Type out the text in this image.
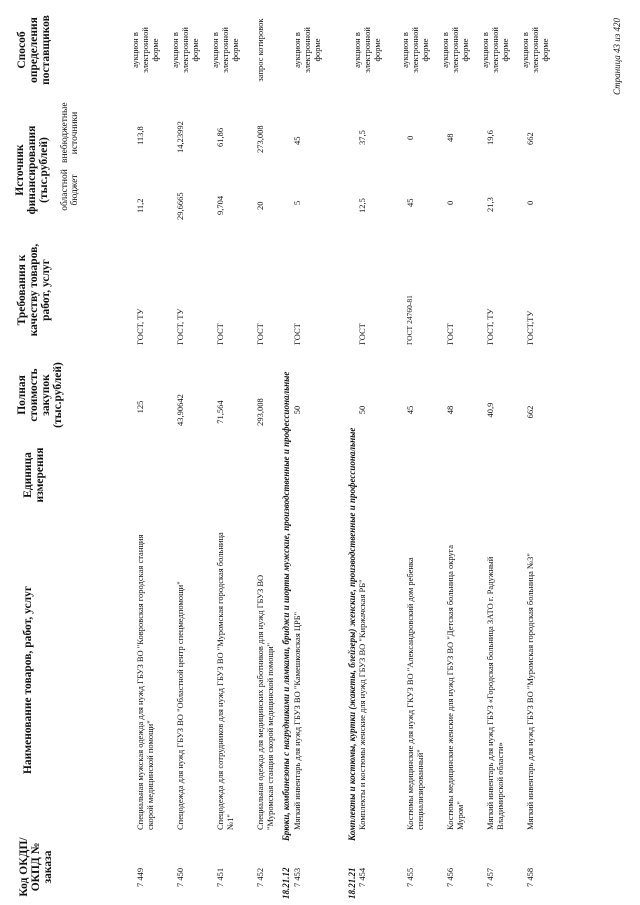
Код ОКДП/ ОКПД № заказа
Наименование товаров, работ, услуг
Единица измерения
Полная стоимость закупок (тыс.рублей)
Требования к качеству товаров, работ, услуг
Источник финансирования (тыс.рублей) областной бюджет
внебюджетные источники
Способ определения поставщиков
7 449
Специальная мужская одежда для нужд ГБУЗ ВО "Ковровская городская станция скорой медицинской помощи"
125
ГОСТ, ТУ
11,2
113,8
аукцион в электронной форме
7 450
Спецодежда для нужд ГБУЗ ВО "Областной центр спецмедпомощи"
43,90642
ГОСТ, ТУ
29,6665
14,23992
аукцион в электронной форме
7 451
Спецодежда для сотрудников для нужд ГБУЗ ВО "Муромская городская больница №1"
71,564
ГОСТ
9,704
61,86
аукцион в электронной форме
7 452
Специальная одежда для медицинских работников для нужд ГБУЗ ВО "Муромская станция скорой медицинской помощи"
293,008
ГОСТ
20
273,008
запрос котировок
18.21.12
Брюки, комбинезоны с нагрудниками и лямками, бриджи и шорты мужские, производственные и профессиональные
7 453
Мягкий инвентарь для нужд ГБУЗ ВО "Камешковская ЦРБ"
50
ГОСТ
5
45
аукцион в электронной форме
18.21.21
Комплекты и костюмы, куртки (жакеты, блейзеры) женские, производственные и профессиональные
7 454
Комплекты и костюмы женские для нужд ГБУЗ ВО "Киржачская РБ"
50
ГОСТ
12,5
37,5
аукцион в электронной форме
7 455
Костюмы медицинские для нужд ГКУЗ ВО "Александровский дом ребенка специализированный"
45
ГОСТ 24760-81
45
0
аукцион в электронной форме
7 456
Костюмы медицинские женские для нужд ГБУЗ ВО "Детская больница округа Муром"
48
ГОСТ
0
48
аукцион в электронной форме
7 457
Мягкий инвентарь для нужд ГБУЗ «Городская больница ЗАТО г. Радужный Владимирской области»
40,9
ГОСТ, ТУ
21,3
19,6
аукцион в электронной форме
7 458
Мягкий инвентарь для нужд ГБУЗ ВО "Муромская городская больница №3"
662
ГОСТ,ТУ
0
662
аукцион в электронной форме	Страница 43 из 420
